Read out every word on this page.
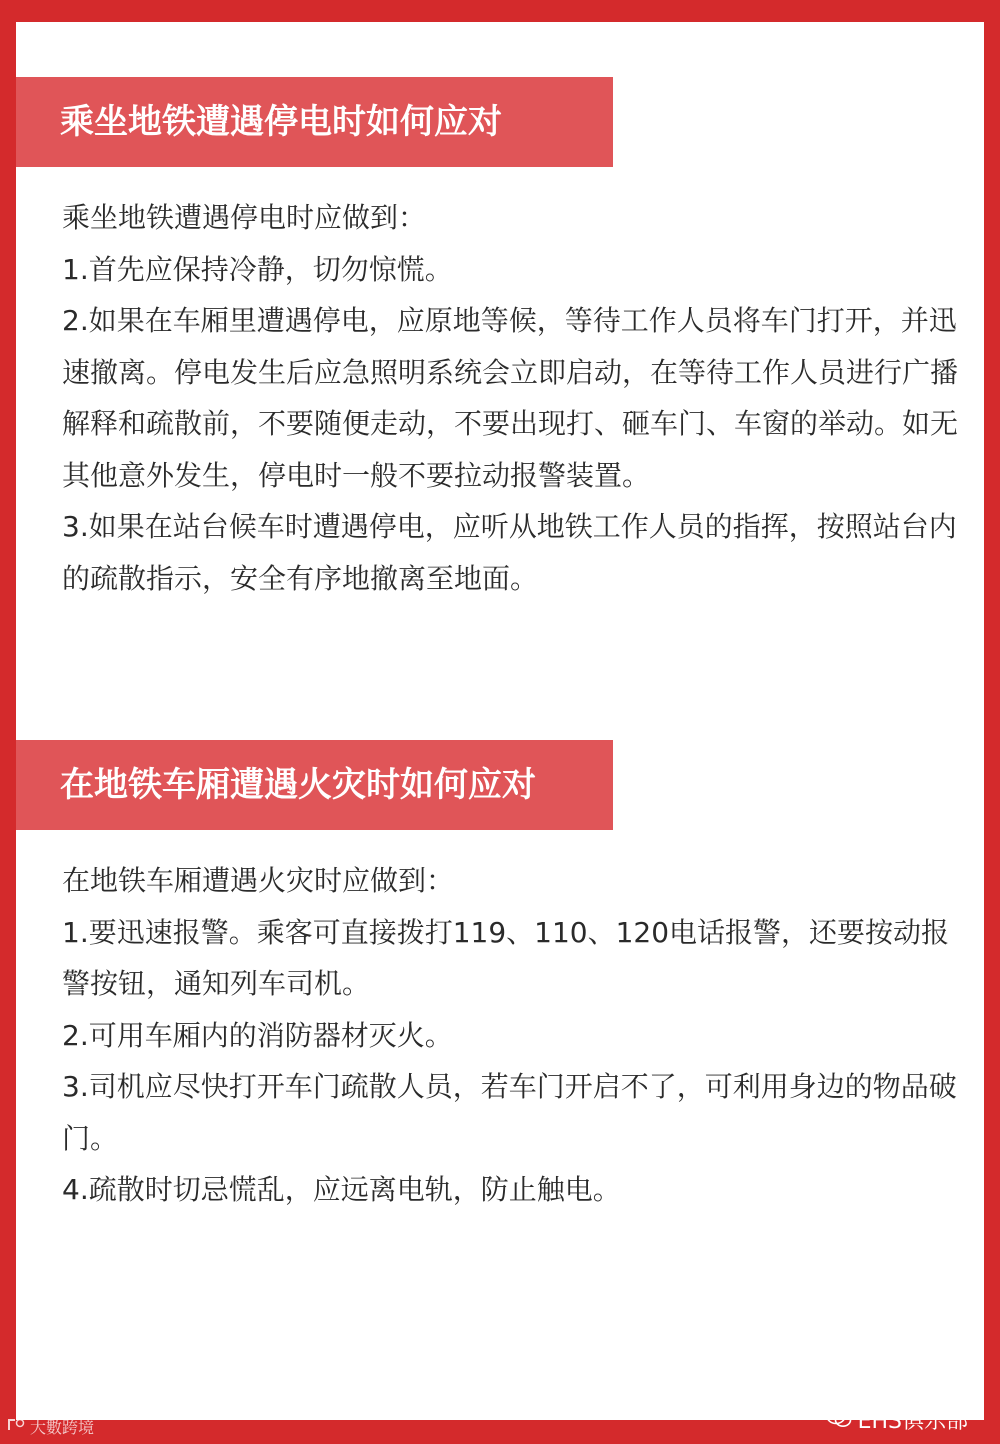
乘坐地铁遭遇停电时如何应对

乘坐地铁遭遇停电时应做到：

1.首先应保持冷静，切勿惊慌。

2.如果在车厢里遭遇停电，应原地等候，等待工作人员将车门打开，并迅速撤离。停电发生后应急照明系统会立即启动，在等待工作人员进行广播解释和疏散前，不要随便走动，不要出现打、砸车门、车窗的举动。如无其他意外发生，停电时一般不要拉动报警装置。

3.如果在站台候车时遭遇停电，应听从地铁工作人员的指挥，按照站台内的疏散指示，安全有序地撤离至地面。

在地铁车厢遭遇火灾时如何应对

在地铁车厢遭遇火灾时应做到：

1.要迅速报警。乘客可直接拨打119、110、120电话报警，还要按动报警按钮，通知列车司机。

2.可用车厢内的消防器材灭火。

3.司机应尽快打开车门疏散人员，若车门开启不了，可利用身边的物品破门。

4.疏散时切忌慌乱，应远离电轨，防止触电。

EHS俱乐部
大數跨境
